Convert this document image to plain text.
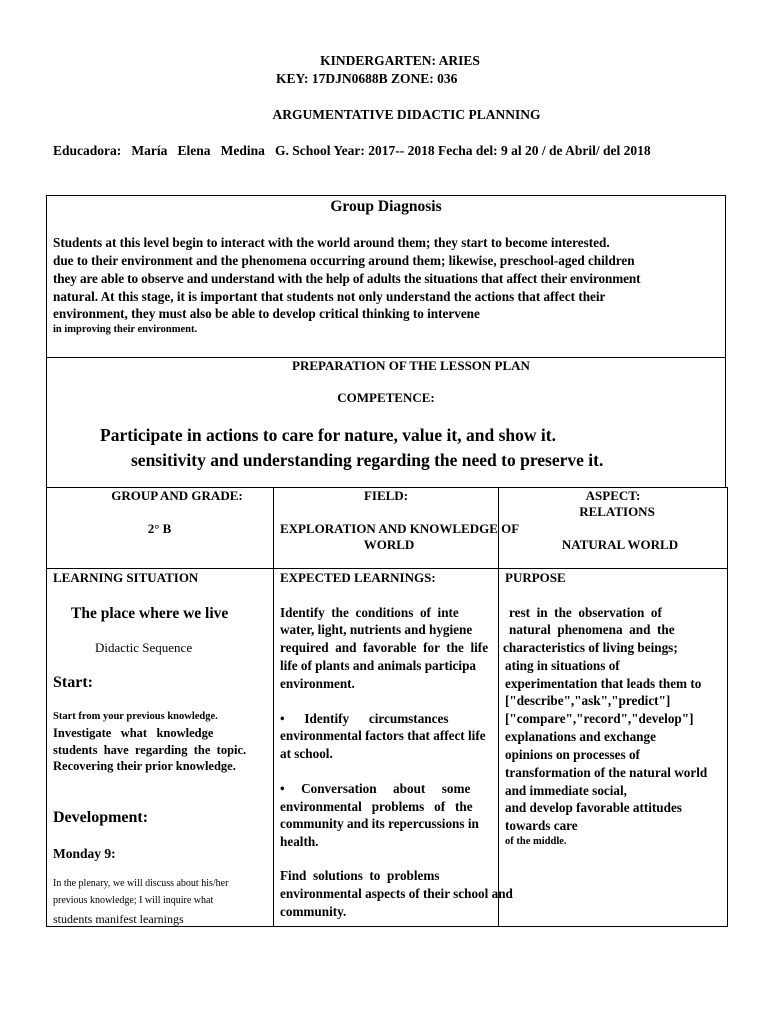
KINDERGARTEN: ARIES
KEY: 17DJN0688B ZONE: 036
ARGUMENTATIVE DIDACTIC PLANNING
Educadora:   María   Elena   Medina   G. School Year: 2017-- 2018 Fecha del: 9 al 20 / de Abril/ del 2018
Group Diagnosis
Students at this level begin to interact with the world around them; they start to become interested.
due to their environment and the phenomena occurring around them; likewise, preschool-aged children
they are able to observe and understand with the help of adults the situations that affect their environment
natural. At this stage, it is important that students not only understand the actions that affect their
environment, they must also be able to develop critical thinking to intervene
in improving their environment.
PREPARATION OF THE LESSON PLAN
COMPETENCE:
Participate in actions to care for nature, value it, and show it.
sensitivity and understanding regarding the need to preserve it.
GROUP AND GRADE:
2° B
FIELD:
EXPLORATION AND KNOWLEDGE OF
WORLD
ASPECT:
RELATIONS
NATURAL WORLD
LEARNING SITUATION
The place where we live
Didactic Sequence
Start:
Start from your previous knowledge.
Investigate   what   knowledge
students  have  regarding  the  topic.
Recovering their prior knowledge.
Development:
Monday 9:
In the plenary, we will discuss about his/her
previous knowledge; I will inquire what
students manifest learnings
EXPECTED LEARNINGS:
Identify  the  conditions  of  inte
water, light, nutrients and hygiene
required  and  favorable  for  the  life
life of plants and animals participa
environment.
•      Identify      circumstances
environmental factors that affect life
at school.
•     Conversation     about     some
environmental   problems   of   the
community and its repercussions in
health.
Find  solutions  to  problems
environmental aspects of their school and
community.
PURPOSE
rest  in  the  observation  of
natural  phenomena  and  the
characteristics of living beings;
ating in situations of
experimentation that leads them to
["describe","ask","predict"]
["compare","record","develop"]
explanations and exchange
opinions on processes of
transformation of the natural world
and immediate social,
and develop favorable attitudes
towards care
of the middle.
